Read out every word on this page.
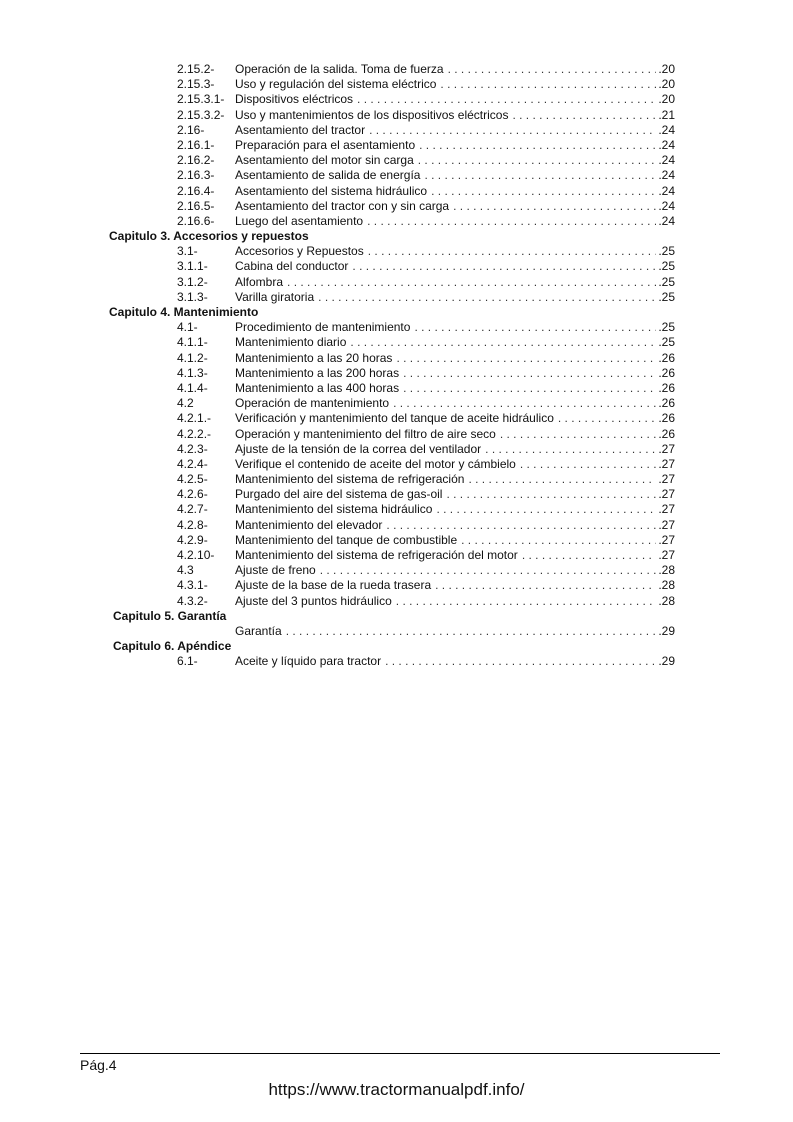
2.15.2- Operación de la salida. Toma de fuerza . . .	.20
2.15.3- Uso y regulación del sistema eléctrico . . .	.20
2.15.3.1- Dispositivos eléctricos . . .	.20
2.15.3.2- Uso y mantenimientos de los dispositivos eléctricos . . .	.21
2.16-	Asentamiento del tractor . . .	.24
2.16.1- Preparación para el asentamiento . . .	.24
2.16.2- Asentamiento del motor sin carga . . .	.24
2.16.3- Asentamiento de salida de energía . . .	.24
2.16.4- Asentamiento del sistema hidráulico . . .	.24
2.16.5- Asentamiento del tractor con y sin carga . . .	.24
2.16.6- Luego del asentamiento . . .	.24
Capitulo 3. Accesorios y repuestos
3.1-	Accesorios y Repuestos . . .	.25
3.1.1- Cabina del conductor . . .	.25
3.1.2- Alfombra . . .	.25
3.1.3- Varilla giratoria . . .	.25
Capitulo 4. Mantenimiento
4.1-	Procedimiento de mantenimiento . . .	.25
4.1.1- Mantenimiento diario . . .	.25
4.1.2- Mantenimiento a las 20 horas . . .	.26
4.1.3- Mantenimiento a las 200 horas . . .	.26
4.1.4- Mantenimiento a las 400 horas . . .	.26
4.2	Operación de mantenimiento . . .	.26
4.2.1.- Verificación y mantenimiento del tanque de aceite hidráulico . . .	.26
4.2.2.- Operación y mantenimiento del filtro de aire seco . . .	.26
4.2.3- Ajuste de la tensión de la correa del ventilador . . .	.27
4.2.4- Verifique el contenido de aceite del motor y cámbielo . . .	.27
4.2.5- Mantenimiento del sistema de refrigeración . . .	.27
4.2.6- Purgado del aire del sistema de gas-oil . . .	.27
4.2.7- Mantenimiento del sistema hidráulico . . .	.27
4.2.8- Mantenimiento del elevador . . .	.27
4.2.9- Mantenimiento del tanque de combustible . . .	.27
4.2.10- Mantenimiento del sistema de refrigeración del motor . . .	.27
4.3	Ajuste de freno . . .	.28
4.3.1- Ajuste de la base de la rueda trasera . . .	.28
4.3.2- Ajuste del 3 puntos hidráulico . . .	.28
Capitulo 5. Garantía
Garantía . . .	.29
Capitulo 6. Apéndice
6.1-	Aceite y líquido para tractor . . .	.29
Pág.4
https://www.tractormanualpdf.info/
